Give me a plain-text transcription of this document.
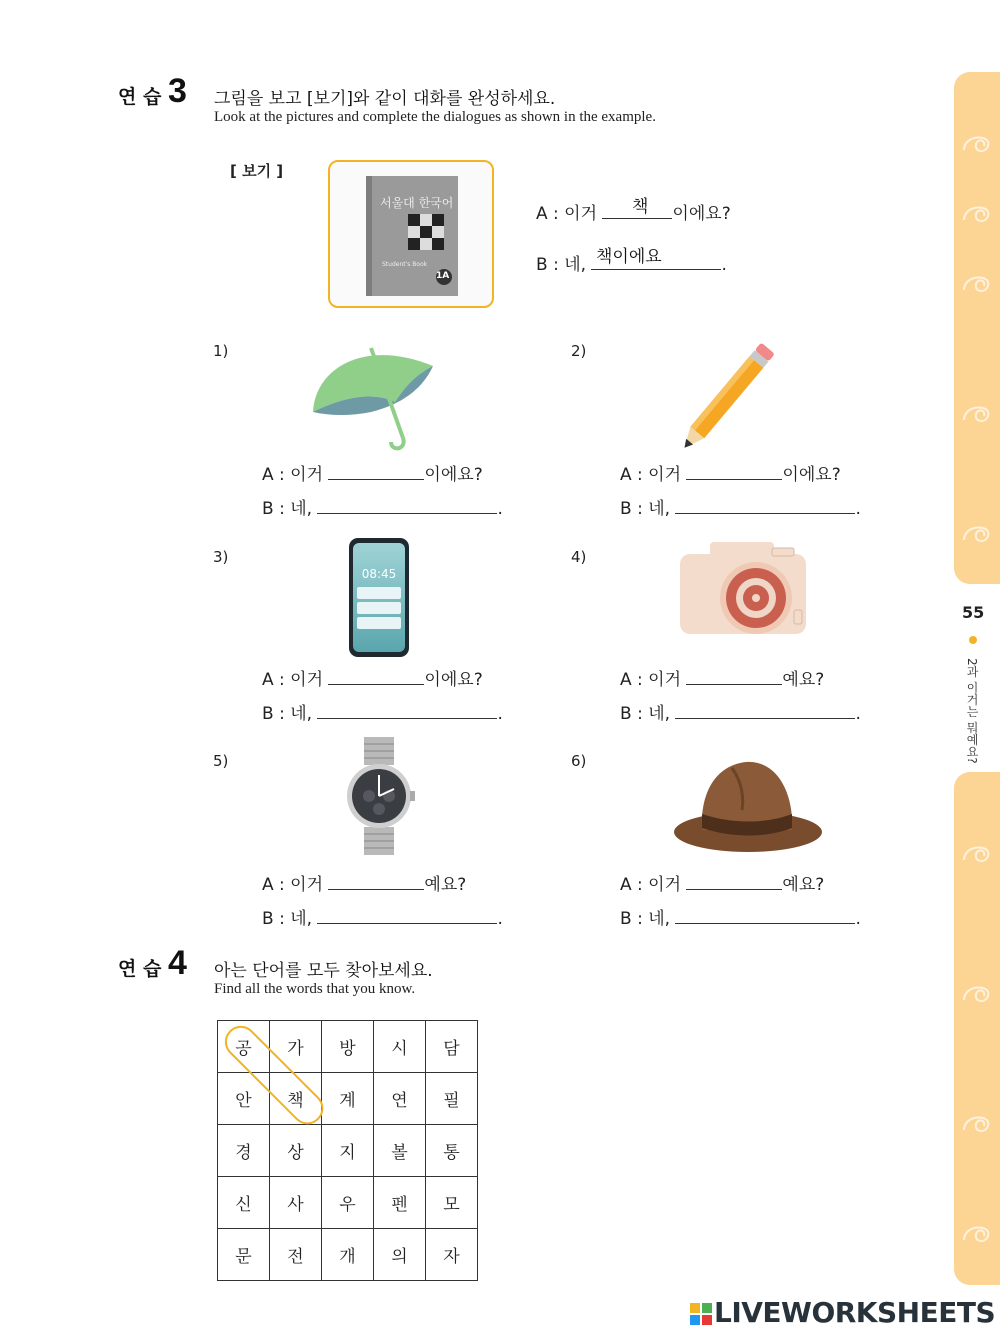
55
2과 이거는 뭐예요?
연 습 3 그림을 보고 [보기]와 같이 대화를 완성하세요.
Look at the pictures and complete the dialogues as shown in the example.
[ 보기 ]
Student's Book
서울대 한국어
1A
A : 이거	이에요?
책
B : 네,	.
책이에요
1)
A : 이거	이에요?
B : 네,	.
2)
A : 이거	이에요?
B : 네,	.
3)
08:45
A : 이거	이에요?
B : 네,	.
4)
A : 이거	예요?
B : 네,	.
5)
A : 이거	예요?
B : 네,	.
6)
A : 이거	예요?
B : 네,	.
연 습 4 아는 단어를 모두 찾아보세요.
Find all the words that you know.
공	가	방	시	담
안	책	계	연	필
경	상	지	볼	통
신	사	우	펜	모
문	전	개	의	자
LIVEWORKSHEETS
